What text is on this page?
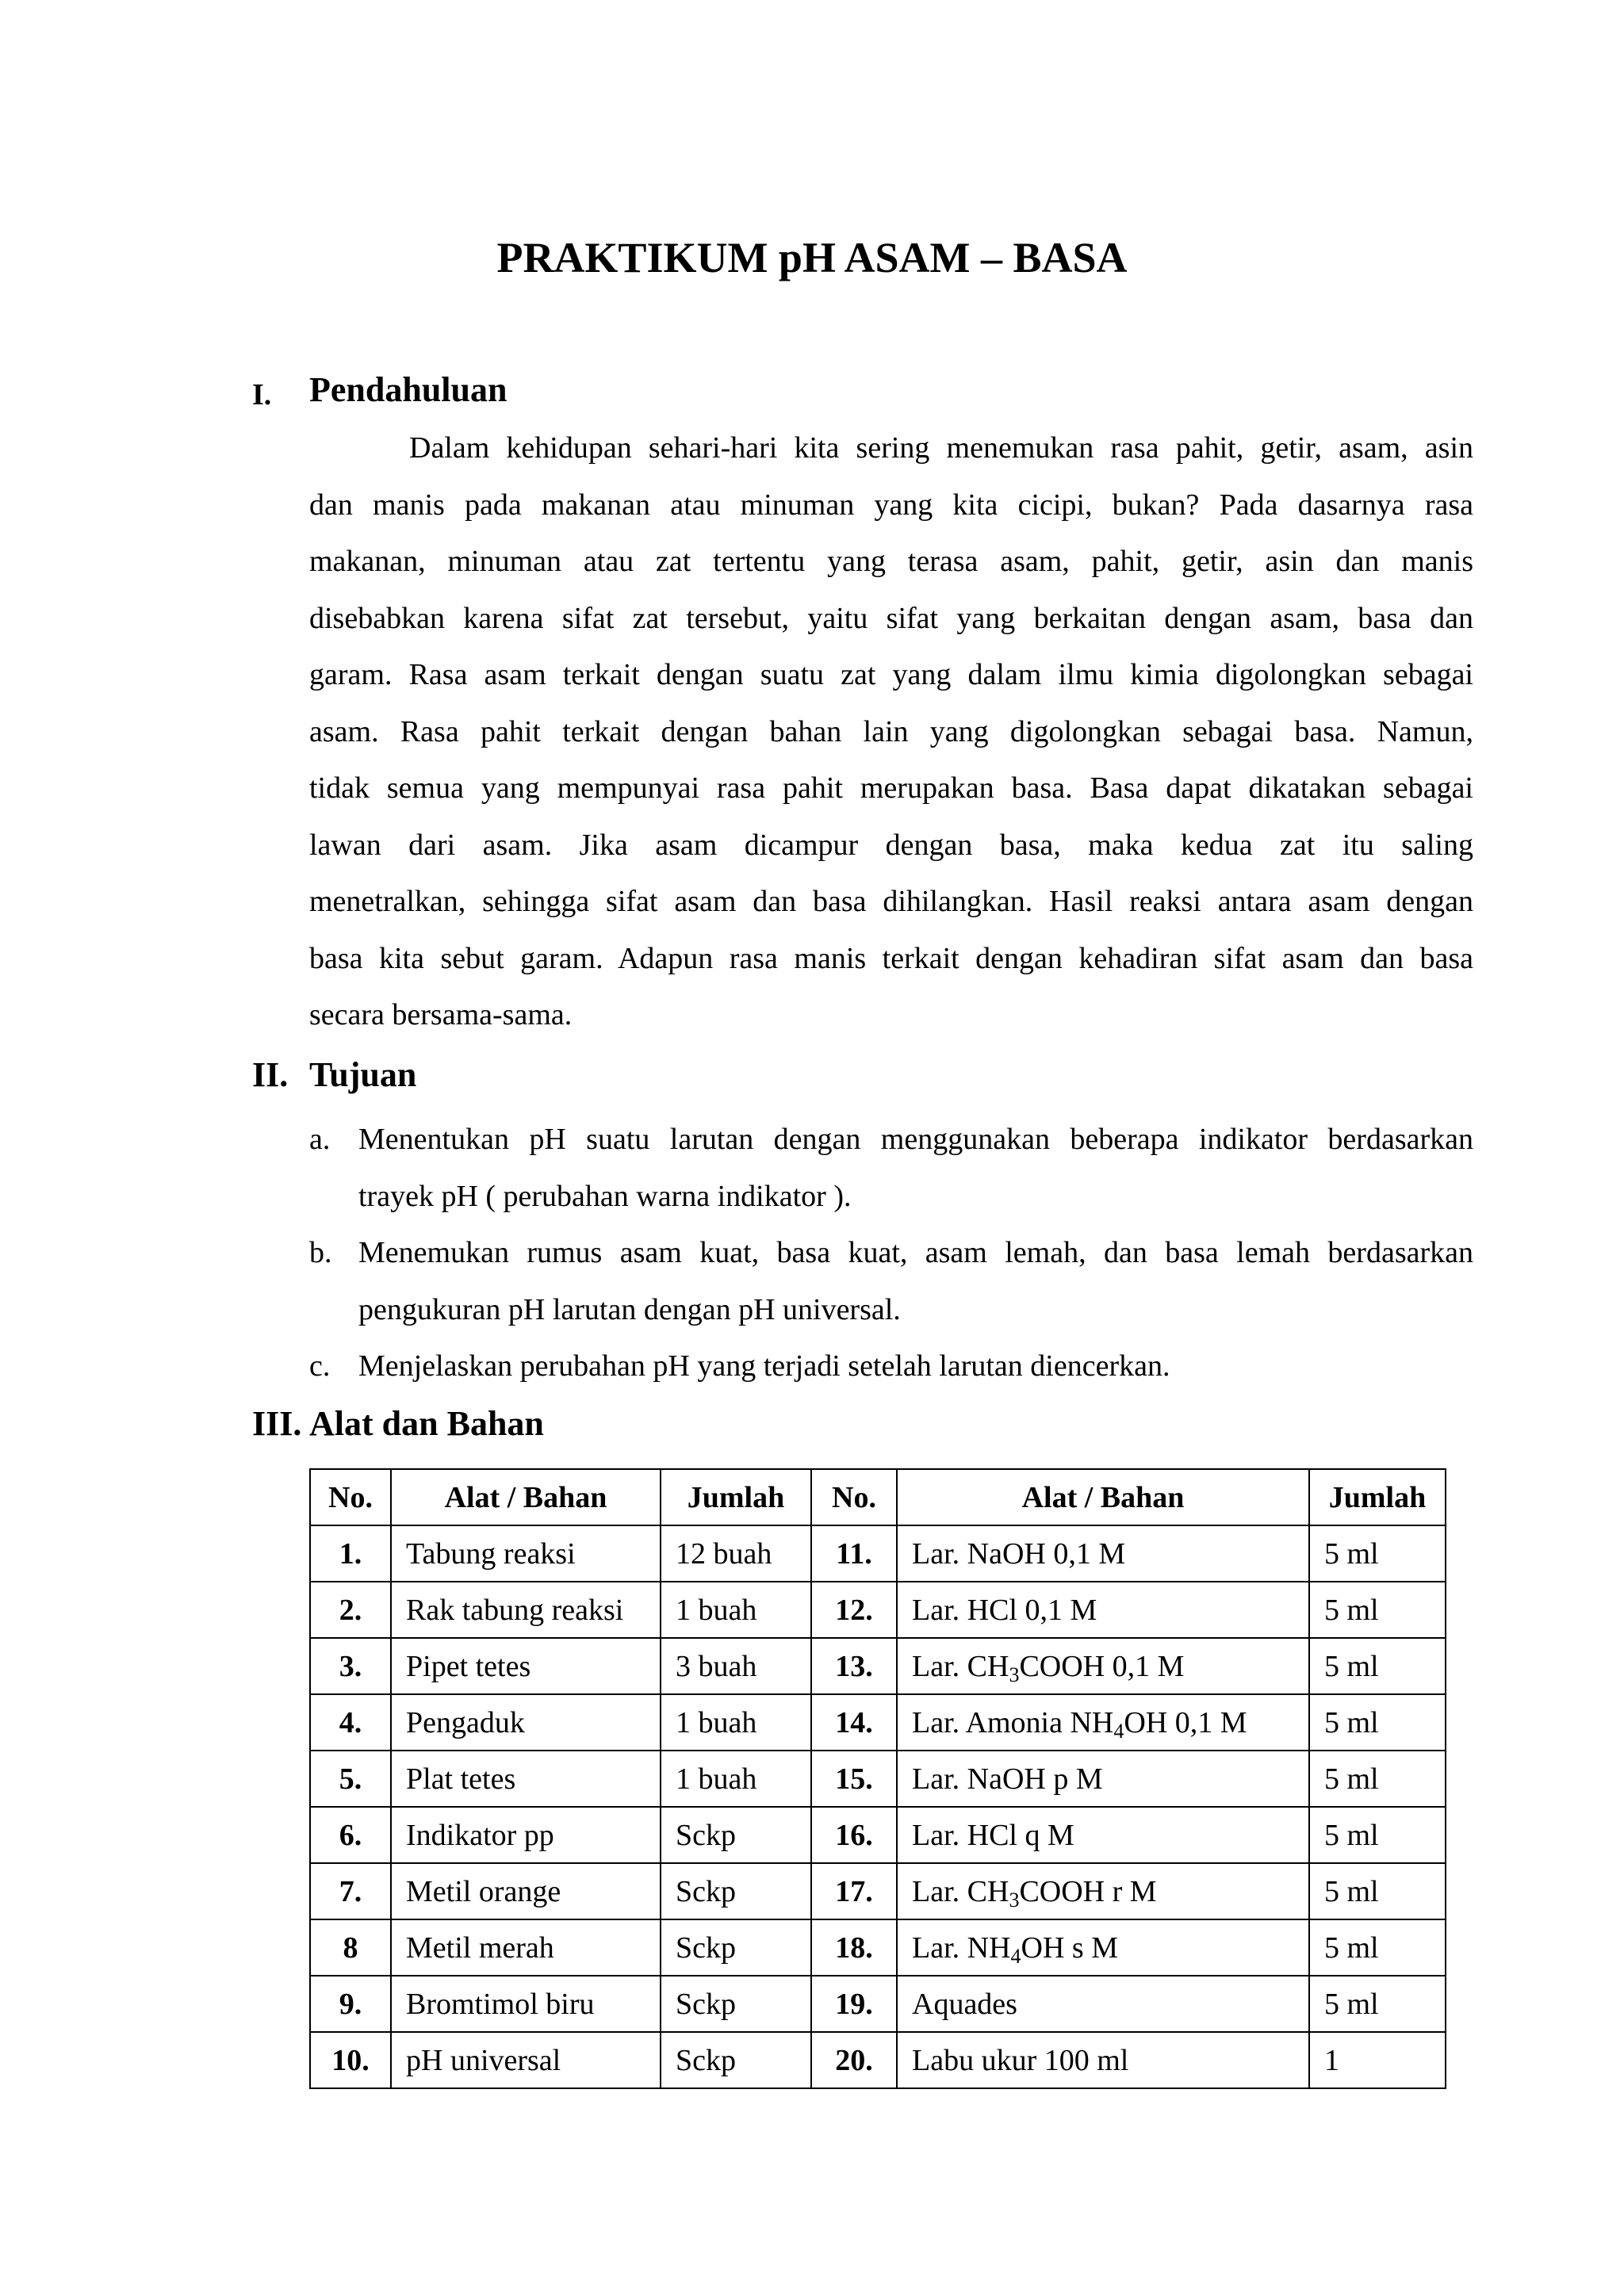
PRAKTIKUM pH ASAM – BASA
I. Pendahuluan
Dalam kehidupan sehari-hari kita sering menemukan rasa pahit, getir, asam, asin
dan manis pada makanan atau minuman yang kita cicipi, bukan? Pada dasarnya rasa
makanan, minuman atau zat tertentu yang terasa asam, pahit, getir, asin dan manis
disebabkan karena sifat zat tersebut, yaitu sifat yang berkaitan dengan asam, basa dan
garam. Rasa asam terkait dengan suatu zat yang dalam ilmu kimia digolongkan sebagai
asam. Rasa pahit terkait dengan bahan lain yang digolongkan sebagai basa. Namun,
tidak semua yang mempunyai rasa pahit merupakan basa. Basa dapat dikatakan sebagai
lawan dari asam. Jika asam dicampur dengan basa, maka kedua zat itu saling
menetralkan, sehingga sifat asam dan basa dihilangkan. Hasil reaksi antara asam dengan
basa kita sebut garam. Adapun rasa manis terkait dengan kehadiran sifat asam dan basa
secara bersama-sama.
II. Tujuan
a. Menentukan pH suatu larutan dengan menggunakan beberapa indikator berdasarkan
trayek pH ( perubahan warna indikator ).
b. Menemukan rumus asam kuat, basa kuat, asam lemah, dan basa lemah berdasarkan
pengukuran pH larutan dengan pH universal.
c. Menjelaskan perubahan pH yang terjadi setelah larutan diencerkan.
III. Alat dan Bahan
No.	Alat / Bahan	Jumlah	No.	Alat / Bahan	Jumlah
1.	Tabung reaksi	12 buah	11.	Lar. NaOH 0,1 M	5 ml
2.	Rak tabung reaksi	1 buah	12.	Lar. HCl 0,1 M	5 ml
3.	Pipet tetes	3 buah	13.	Lar. $CH_3COOH$ 0,1 M	5 ml
4.	Pengaduk	1 buah	14.	Lar. Amonia $NH_4OH$ 0,1 M	5 ml
5.	Plat tetes	1 buah	15.	Lar. NaOH p M	5 ml
6.	Indikator pp	Sckp	16.	Lar. HCl q M	5 ml
7.	Metil orange	Sckp	17.	Lar. $CH_3COOH$ r M	5 ml
8	Metil merah	Sckp	18.	Lar. $NH_4OH$ s M	5 ml
9.	Bromtimol biru	Sckp	19.	Aquades	5 ml
10.	pH universal	Sckp	20.	Labu ukur 100 ml	1
